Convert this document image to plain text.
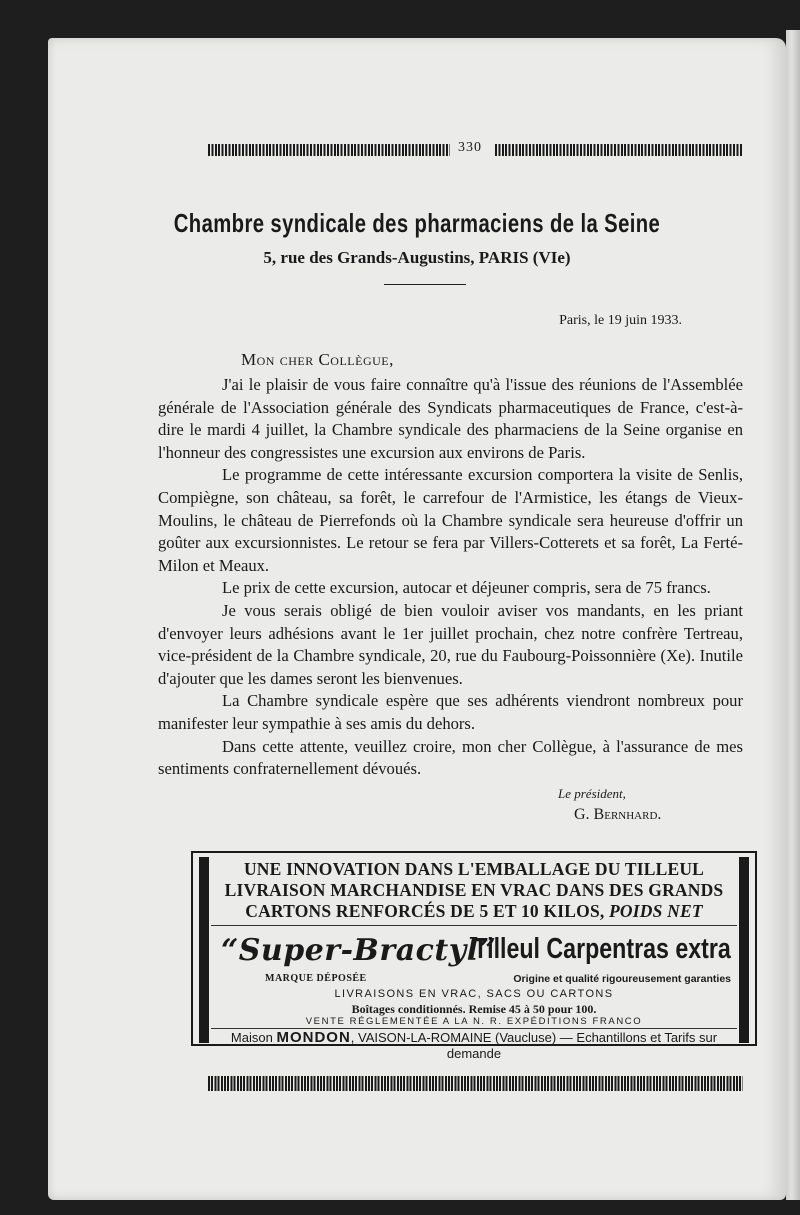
330
Chambre syndicale des pharmaciens de la Seine
5, rue des Grands-Augustins, PARIS (VIe)
Paris, le 19 juin 1933.
Mon cher Collègue,

J'ai le plaisir de vous faire connaître qu'à l'issue des réunions de l'Assemblée générale de l'Association générale des Syndicats pharmaceutiques de France, c'est-à-dire le mardi 4 juillet, la Chambre syndicale des pharmaciens de la Seine organise en l'honneur des congressistes une excursion aux environs de Paris.

Le programme de cette intéressante excursion comportera la visite de Senlis, Compiègne, son château, sa forêt, le carrefour de l'Armistice, les étangs de Vieux-Moulins, le château de Pierrefonds où la Chambre syndicale sera heureuse d'offrir un goûter aux excursionnistes. Le retour se fera par Villers-Cotterets et sa forêt, La Ferté-Milon et Meaux.

Le prix de cette excursion, autocar et déjeuner compris, sera de 75 francs.

Je vous serais obligé de bien vouloir aviser vos mandants, en les priant d'envoyer leurs adhésions avant le 1er juillet prochain, chez notre confrère Tertreau, vice-président de la Chambre syndicale, 20, rue du Faubourg-Poissonnière (Xe). Inutile d'ajouter que les dames seront les bienvenues.

La Chambre syndicale espère que ses adhérents viendront nombreux pour manifester leur sympathie à ses amis du dehors.

Dans cette attente, veuillez croire, mon cher Collègue, à l'assurance de mes sentiments confraternellement dévoués.

Le président,
G. Bernhard.
UNE INNOVATION DANS L'EMBALLAGE DU TILLEUL
LIVRAISON MARCHANDISE EN VRAC DANS DES GRANDS
CARTONS RENFORCÉS DE 5 ET 10 KILOS, POIDS NET
“Super-Bractyl”
Tilleul Carpentras extra
MARQUE DÉPOSÉE	Origine et qualité rigoureusement garanties
LIVRAISONS EN VRAC, SACS OU CARTONS
Boîtages conditionnés. Remise 45 à 50 pour 100.
VENTE RÉGLEMENTÉE A LA N. R. EXPÉDITIONS FRANCO
Maison MONDON, VAISON-LA-ROMAINE (Vaucluse) — Echantillons et Tarifs sur demande
